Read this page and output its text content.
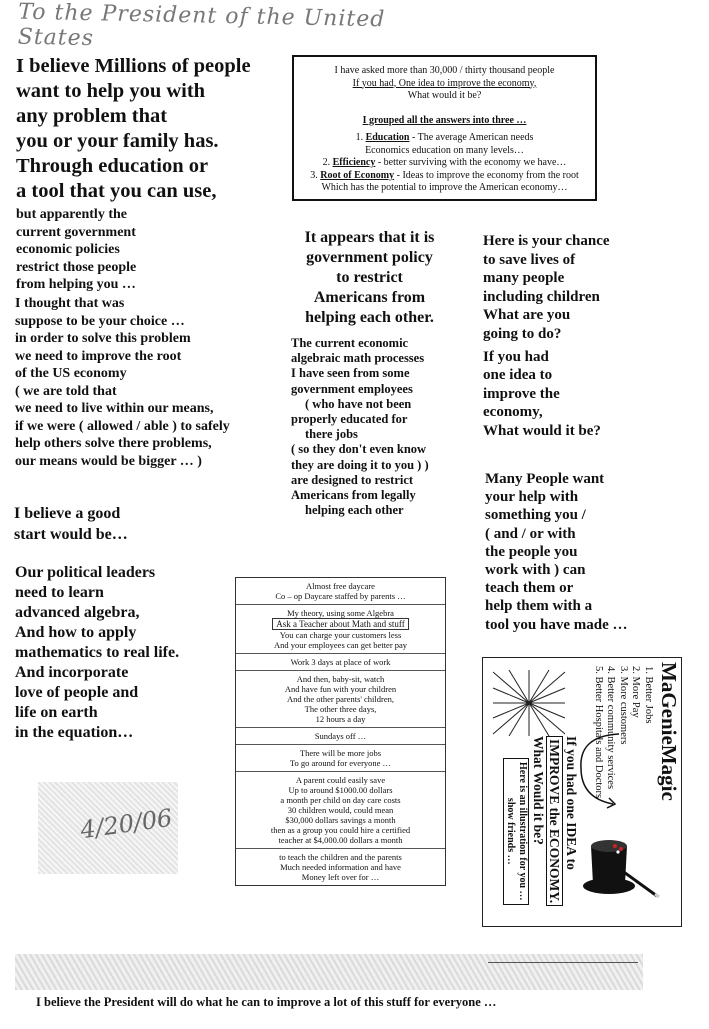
To the President of the United States
I believe Millions of people
want to help you with
any problem that
you or your family has.
Through education or
a tool that you can use,
but apparently the
current government
economic policies
restrict those people
from helping you …
I thought that was
suppose to be your choice …
in order to solve this problem
we need to improve the root
of the US economy
( we are told that
we need to live within our means,
if we were ( allowed / able ) to safely
help others solve there problems,
our means would be bigger … )
I believe a good
start would be…
Our political leaders
need to learn
advanced algebra,
And how to apply
mathematics to real life.
And incorporate
love of people and
life on earth
in the equation…
I have asked more than 30,000 / thirty thousand people
If you had, One idea to improve the economy,
What would it be?
I grouped all the answers into three …
1. Education - The average American needs
Economics education on many levels…
2. Efficiency - better surviving with the economy we have…
3. Root of Economy - Ideas to improve the economy from the root
Which has the potential to improve the American economy…
It appears that it is
government policy
to restrict
Americans from
helping each other.
The current economic
algebraic math processes
I have seen from some
government employees
( who have not been
properly educated for
there jobs
( so they don't even know
they are doing it to you ) )
are designed to restrict
Americans from legally
helping each other
Here is your chance
to save lives of
many people
including children
What are you
going to do?
If you had
one idea to
improve the
economy,
What would it be?
Many People want
your help with
something you /
( and / or with
the people you
work with ) can
teach them or
help them with a
tool you have made …
Almost free daycare
Co – op Daycare staffed by parents …
My theory, using some Algebra
Ask a Teacher about Math and stuff
You can charge your customers less
And your employees can get better pay
Work 3 days at place of work
And then, baby-sit, watch
And have fun with your children
And the other parents' children,
The other three days,
12 hours a day
Sundays off …
There will be more jobs
To go around for everyone …
A parent could easily save
Up to around $1000.00 dollars
a month per child on day care costs
30 children would, could mean
$30,000 dollars savings a month
then as a group you could hire a certified
teacher at $4,000.00 dollars a month
to teach the children and the parents
Much needed information and have
Money left over for …
MaGenieMagic
1. Better Jobs
2. More Pay
3. More customers
4. Better community services
5. Better Hospitals and Doctors
If you had one IDEA to
IMPROVE the ECONOMY.
What Would it be?
Here is an illustration for you …
show friends …
4/20/06
I believe the President will do what he can to improve a lot of this stuff for everyone …
